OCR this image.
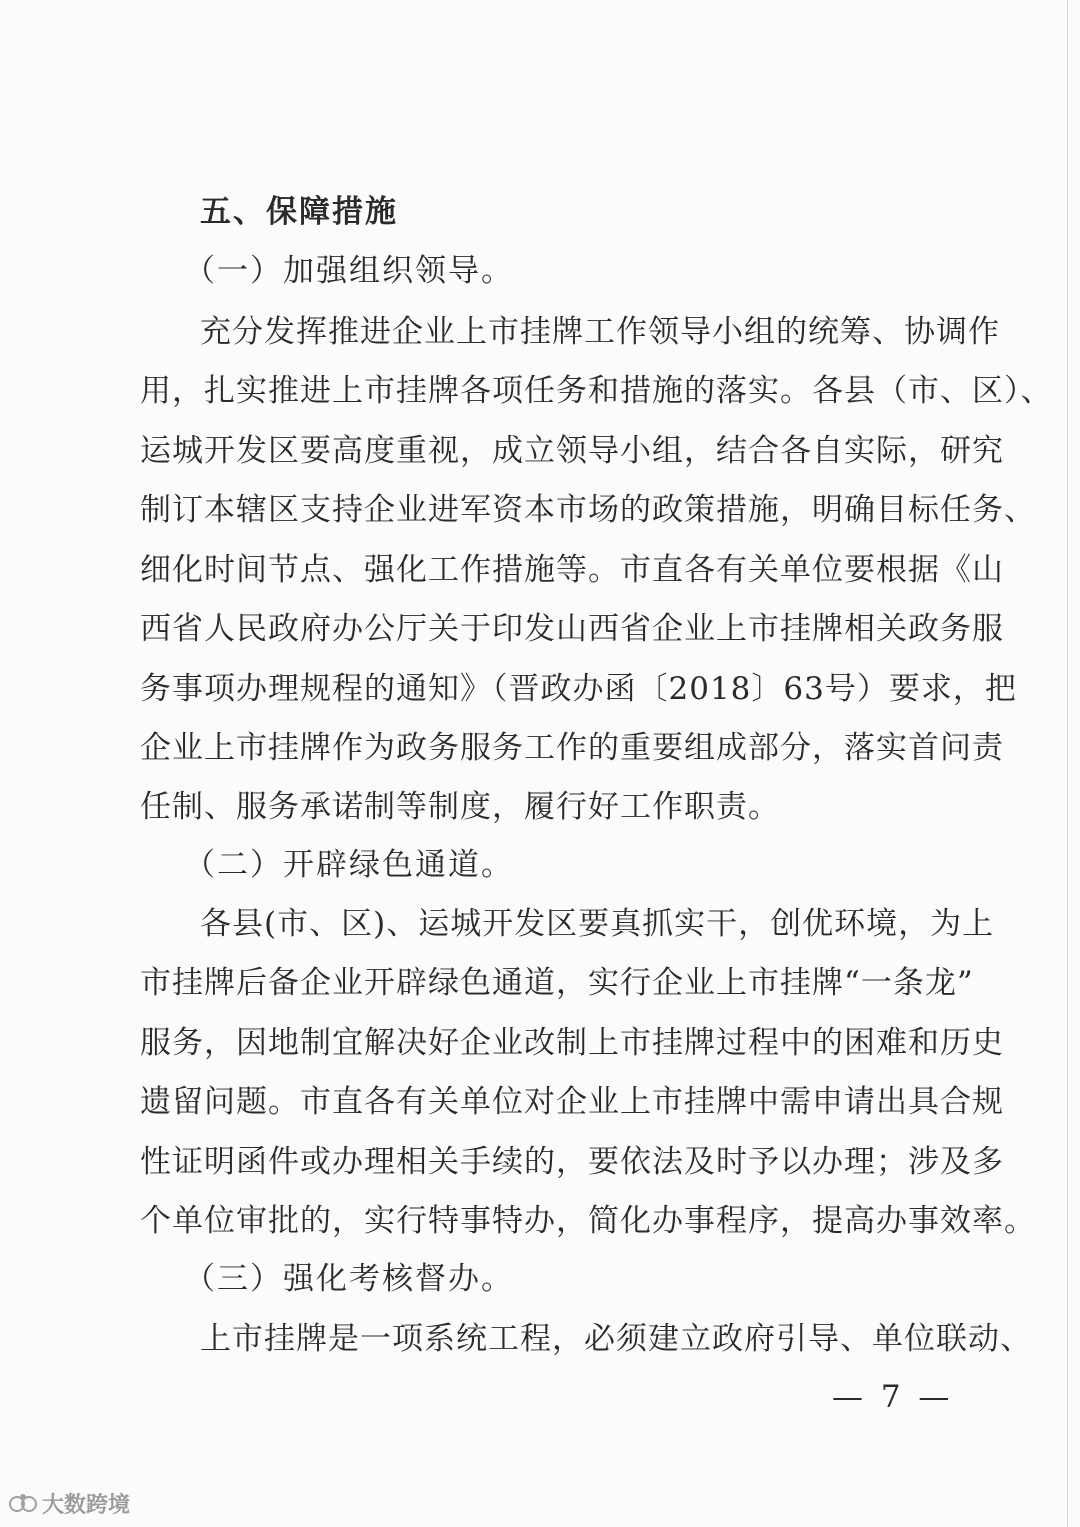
五、保障措施
（一）加强组织领导。
充分发挥推进企业上市挂牌工作领导小组的统筹、协调作
用，扎实推进上市挂牌各项任务和措施的落实。各县（市、区）、
运城开发区要高度重视，成立领导小组，结合各自实际，研究
制订本辖区支持企业进军资本市场的政策措施，明确目标任务、
细化时间节点、强化工作措施等。市直各有关单位要根据《山
西省人民政府办公厅关于印发山西省企业上市挂牌相关政务服
务事项办理规程的通知》（晋政办函〔2018〕63号）要求，把
企业上市挂牌作为政务服务工作的重要组成部分，落实首问责
任制、服务承诺制等制度，履行好工作职责。
（二）开辟绿色通道。
各县(市、区)、运城开发区要真抓实干，创优环境，为上
市挂牌后备企业开辟绿色通道，实行企业上市挂牌“一条龙”
服务，因地制宜解决好企业改制上市挂牌过程中的困难和历史
遗留问题。市直各有关单位对企业上市挂牌中需申请出具合规
性证明函件或办理相关手续的，要依法及时予以办理；涉及多
个单位审批的，实行特事特办，简化办事程序，提高办事效率。
（三）强化考核督办。
上市挂牌是一项系统工程，必须建立政府引导、单位联动、
— 7 —
大数跨境
